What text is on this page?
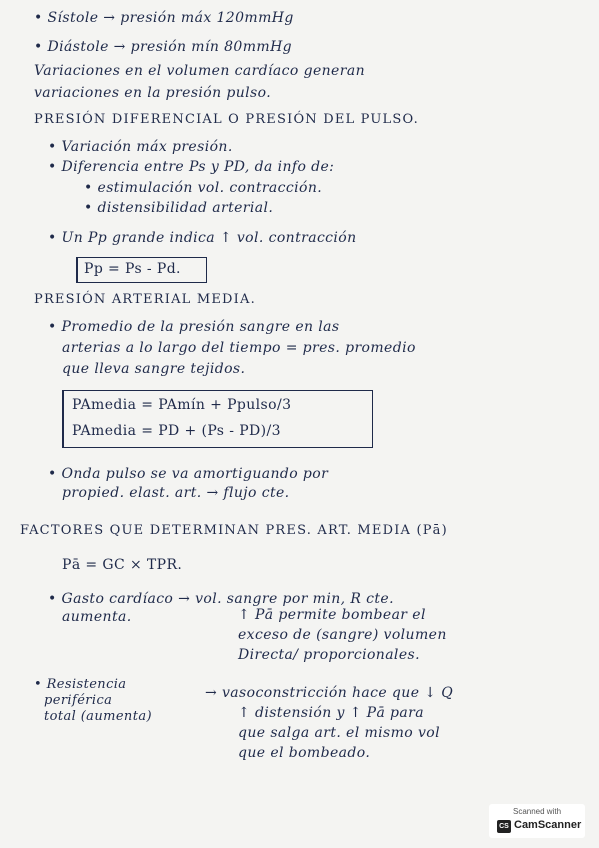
• Sístole → presión máx 120mmHg
• Diástole → presión mín 80mmHg
Variaciones en el volumen cardíaco generan
variaciones en la presión pulso.
PRESIÓN DIFERENCIAL O PRESIÓN DEL PULSO.
• Variación máx presión.
• Diferencia entre Ps y PD, da info de:
• estimulación vol. contracción.
• distensibilidad arterial.
• Un Pp grande indica ↑ vol. contracción
Pp = Ps - Pd.
PRESIÓN ARTERIAL MEDIA.
• Promedio de la presión sangre en las
arterias a lo largo del tiempo = pres. promedio
que lleva sangre tejidos.
PAmedia = PAmín + Ppulso/3
PAmedia = PD + (Ps - PD)/3
• Onda pulso se va amortiguando por
propied. elast. art. → flujo cte.
FACTORES QUE DETERMINAN PRES. ART. MEDIA (Pā)
Pā = GC × TPR.
• Gasto cardíaco → vol. sangre por min, R cte.
aumenta.	↑ Pā permite bombear el
exceso de (sangre) volumen
Directa/ proporcionales.
• Resistencia
periférica
total (aumenta)
→ vasoconstricción hace que ↓ Q
↑ distensión y ↑ Pā para
que salga art. el mismo vol
que el bombeado.
Scanned with
CS CamScanner
